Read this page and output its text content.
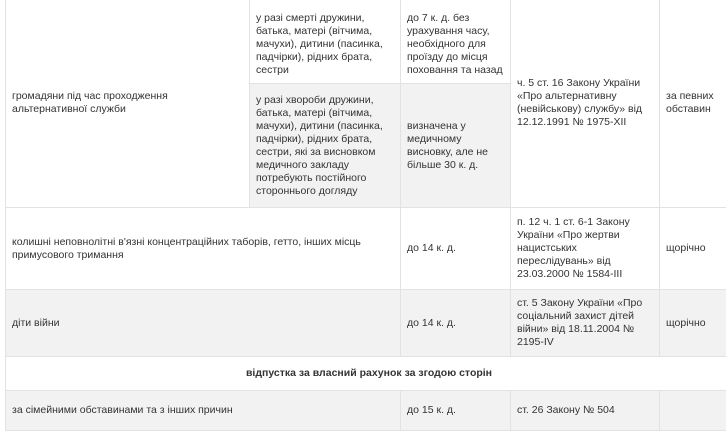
громадяни під час проходження альтернативної служби	у разі смерті дружини, батька, матері (вітчима, мачухи), дитини (пасинка, падчірки), рідних брата, сестри	до 7 к. д. без урахування часу, необхідного для проїзду до місця поховання та назад	ч. 5 ст. 16 Закону України «Про альтернативну (невійськову) службу» від 12.12.1991 № 1975-XII	за певних обставин
	у разі хвороби дружини, батька, матері (вітчима, мачухи), дитини (пасинка, падчірки), рідних брата, сестри, які за висновком медичного закладу потребують постійного стороннього догляду	визначена у медичному висновку, але не більше 30 к. д.		
колишні неповнолітні в'язні концентраційних таборів, гетто, інших місць примусового тримання		до 14 к. д.	п. 12 ч. 1 ст. 6-1 Закону України «Про жертви нацистських переслідувань» від 23.03.2000 № 1584-III	щорічно
діти війни		до 14 к. д.	ст. 5 Закону України «Про соціальний захист дітей війни» від 18.11.2004 № 2195-IV	щорічно
відпустка за власний рахунок за згодою сторін				
за сімейними обставинами та з інших причин		до 15 к. д.	ст. 26 Закону № 504	
